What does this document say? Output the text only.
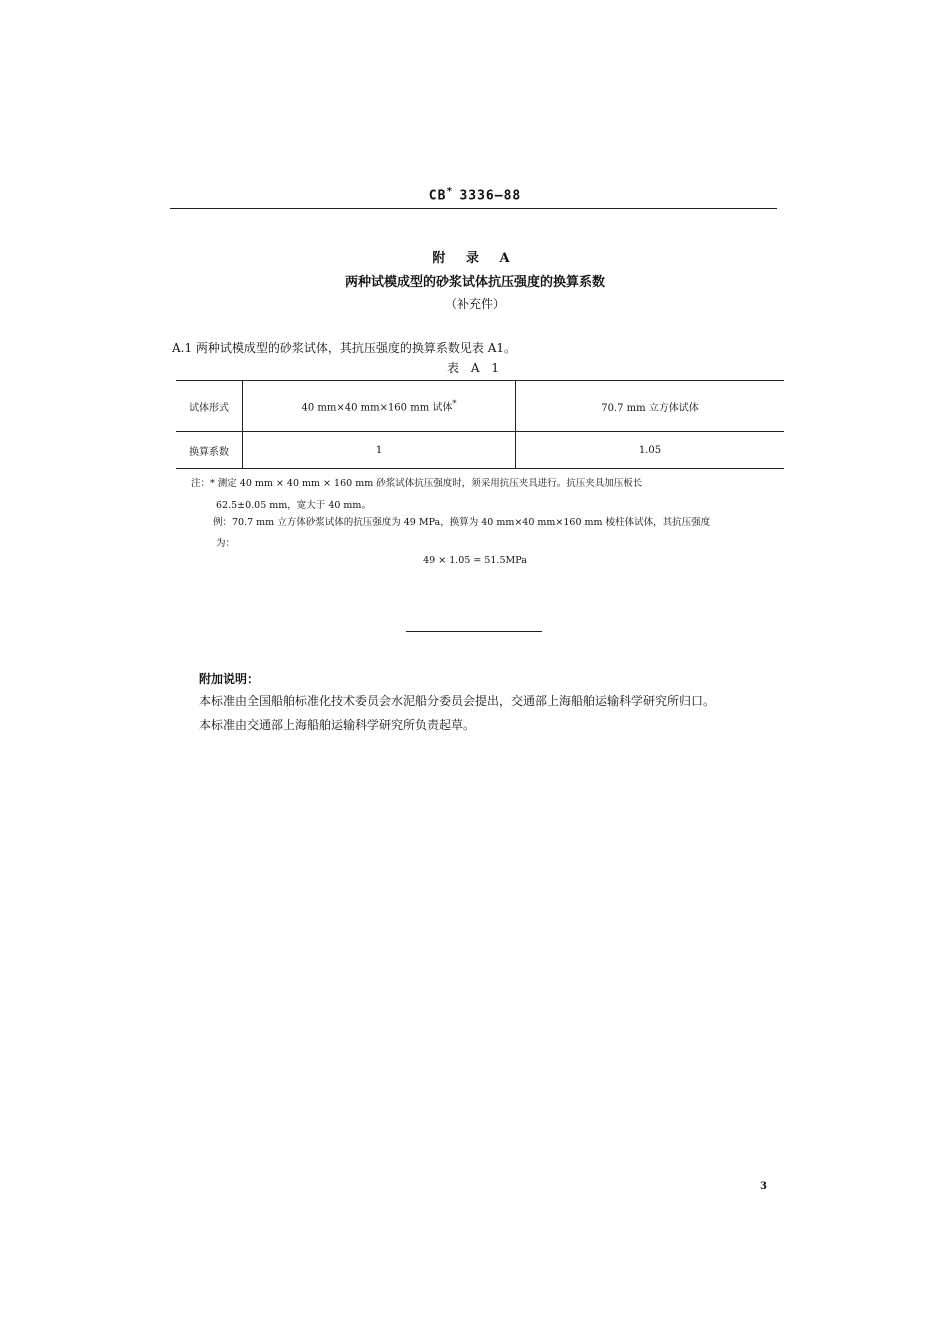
CB* 3336—88
附 录 A
两种试模成型的砂浆试体抗压强度的换算系数
（补充件）
A.1 两种试模成型的砂浆试体，其抗压强度的换算系数见表 A1。
表 A 1
试体形式	40 mm×40 mm×160 mm 试体*	70.7 mm 立方体试体
换算系数	1	1.05
注：* 测定 40 mm × 40 mm × 160 mm 砂浆试体抗压强度时，须采用抗压夹具进行。抗压夹具加压板长
62.5±0.05 mm，宽大于 40 mm。
例：70.7 mm 立方体砂浆试体的抗压强度为 49 MPa，换算为 40 mm×40 mm×160 mm 棱柱体试体，其抗压强度
为：
49 × 1.05 = 51.5MPa
附加说明：
本标准由全国船舶标准化技术委员会水泥船分委员会提出，交通部上海船舶运输科学研究所归口。
本标准由交通部上海船舶运输科学研究所负责起草。
3
